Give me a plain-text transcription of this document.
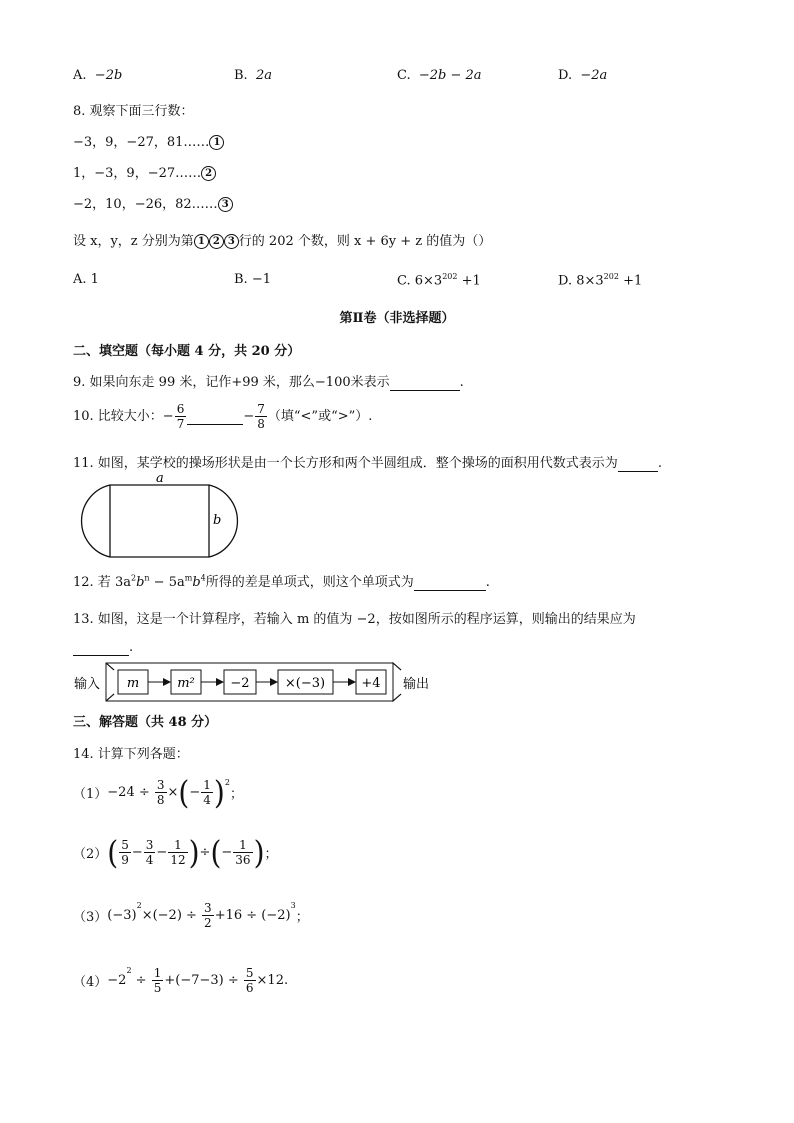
A. −2b	B. 2a	C. −2b − 2a	D. −2a
8. 观察下面三行数：
−3，9，−27，81…… 1
1，−3，9，−27…… 2
−2，10，−26，82…… 3
设 x，y，z 分别为第 1 2 3 行的 202 个数，则 x + 6y + z 的值为（）
A. 1	B. −1	C. $6\times 3^{202} +1$	D. $8\times 3^{202} +1$
第Ⅱ卷（非选择题）
二、填空题（每小题 4 分，共 20 分）
9. 如果向东走 99 米，记作+99 米，那么−100米表示	.
10. 比较大小：− $\frac{6}{7}$	− $\frac{7}{8}$ （填“<”或“>”）.
11. 如图，某学校的操场形状是由一个长方形和两个半圆组成．整个操场的面积用代数式表示为	.
a
b
12. 若 $3a^2b^n - 5a^mb^4$所得的差是单项式，则这个单项式为	.
13. 如图，这是一个计算程序，若输入 m 的值为 −2，按如图所示的程序运算，则输出的结果应为
.
输入 m	m²	−2	×(−3)	+4 输出
三、解答题（共 48 分）
14. 计算下列各题：
$(1)-24 \div \frac{3}{8}$ ×(− $\frac{1}{4} )^2$；
$(2)( \frac{5}{9} - \frac{3}{4} - \frac{1}{12}$ )÷(− $\frac{1}{36}$ )；
$(3)(-3)^2\times(-2) \div \frac{3}{2} +16 \div (-2)^3$；
$(4)-2^2 \div \frac{1}{5} +(-7-3) \div \frac{5}{6} \times 12$.
